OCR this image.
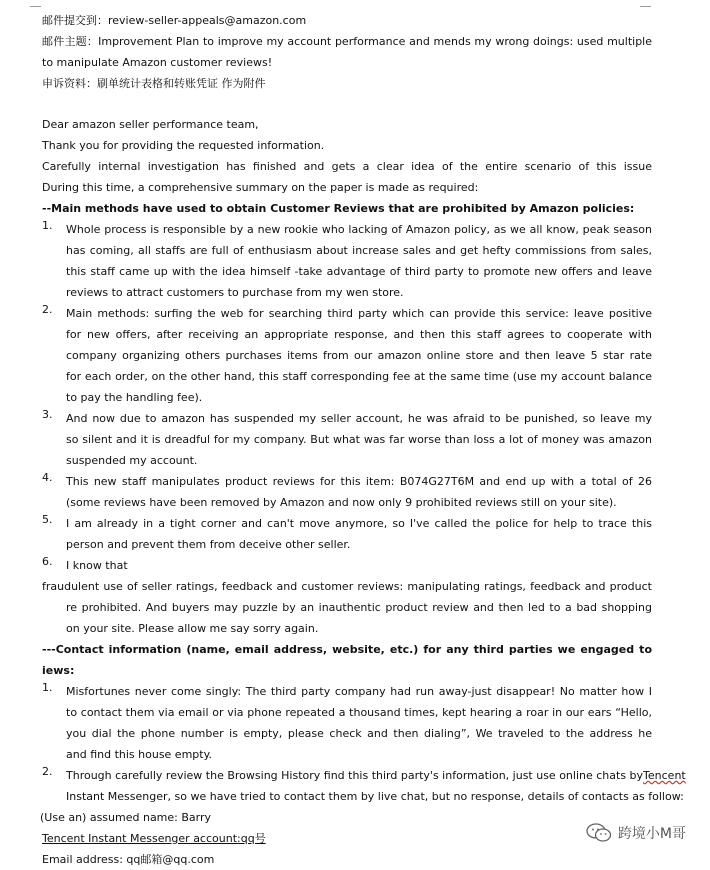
邮件提交到：review-seller-appeals@amazon.com
邮件主题：Improvement Plan to improve my account performance and mends my wrong doings: used multiple
to manipulate Amazon customer reviews!
申诉资料：刷单统计表格和转账凭证 作为附件
Dear amazon seller performance team,
Thank you for providing the requested information.
Carefully internal investigation has finished and gets a clear idea of the entire scenario of this issue
During this time, a comprehensive summary on the paper is made as required:
--Main methods have used to obtain Customer Reviews that are prohibited by Amazon policies:
1. Whole process is responsible by a new rookie who lacking of Amazon policy, as we all know, peak season
has coming, all staffs are full of enthusiasm about increase sales and get hefty commissions from sales,
this staff came up with the idea himself -take advantage of third party to promote new offers and leave
reviews to attract customers to purchase from my wen store.
2. Main methods: surfing the web for searching third party which can provide this service: leave positive
for new offers, after receiving an appropriate response, and then this staff agrees to cooperate with
company organizing others purchases items from our amazon online store and then leave 5 star rate
for each order, on the other hand, this staff corresponding fee at the same time (use my account balance
to pay the handling fee).
3. And now due to amazon has suspended my seller account, he was afraid to be punished, so leave my
so silent and it is dreadful for my company. But what was far worse than loss a lot of money was amazon
suspended my account.
4. This new staff manipulates product reviews for this item: B074G27T6M and end up with a total of 26
(some reviews have been removed by Amazon and now only 9 prohibited reviews still on your site).
5. I am already in a tight corner and can't move anymore, so I've called the police for help to trace this
person and prevent them from deceive other seller.
6. I know that
fraudulent use of seller ratings, feedback and customer reviews: manipulating ratings, feedback and product
re prohibited. And buyers may puzzle by an inauthentic product review and then led to a bad shopping
on your site. Please allow me say sorry again.
---Contact information (name, email address, website, etc.) for any third parties we engaged to
iews:
1. Misfortunes never come singly: The third party company had run away-just disappear! No matter how I
to contact them via email or via phone repeated a thousand times, kept hearing a roar in our ears “Hello,
you dial the phone number is empty, please check and then dialing”, We traveled to the address he
and find this house empty.
2. Through carefully review the Browsing History find this third party's information, just use online chats by Tencent
Instant Messenger, so we have tried to contact them by live chat, but no response, details of contacts as follow:
(Use an) assumed name: Barry
Tencent Instant Messenger account:qq号
Email address: qq邮箱@qq.com
跨境小M哥
